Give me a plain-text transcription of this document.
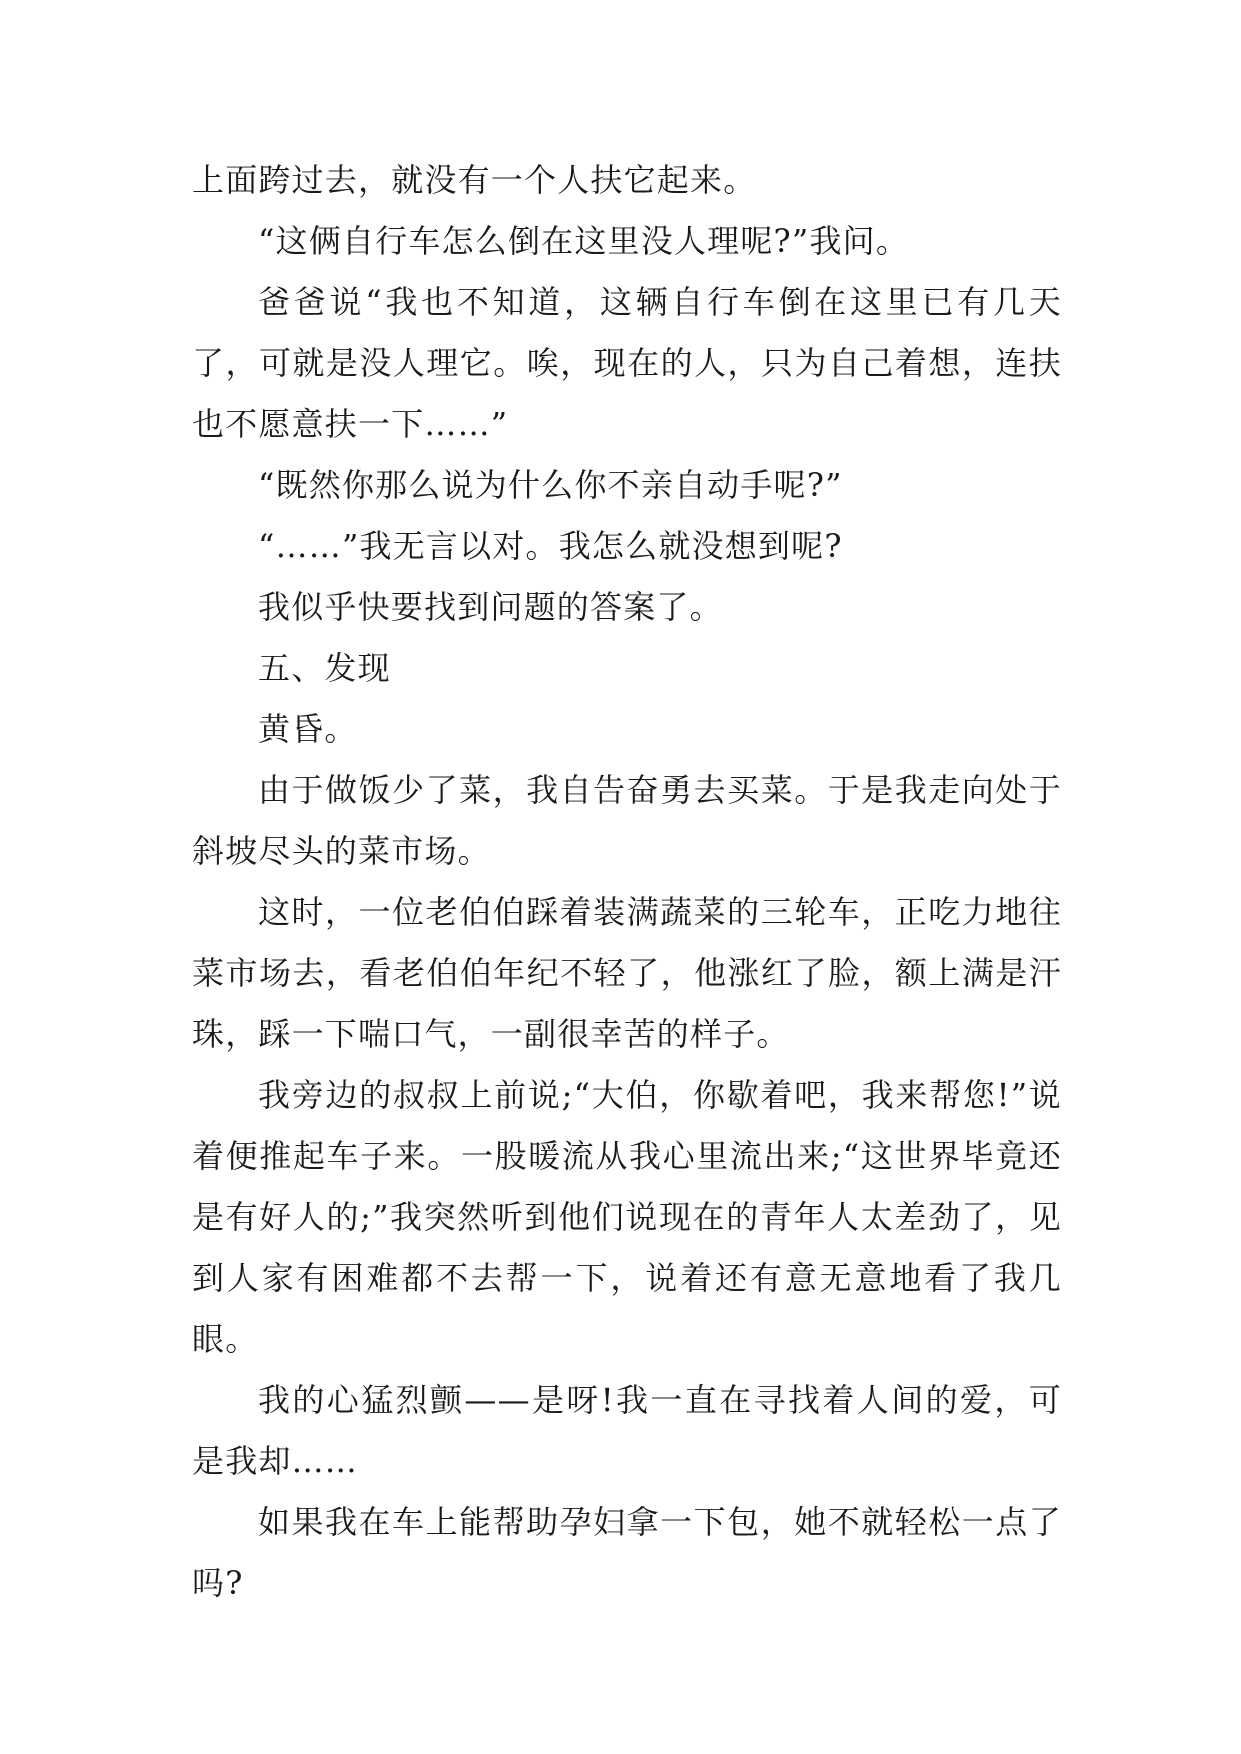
上面跨过去，就没有一个人扶它起来。

“这俩自行车怎么倒在这里没人理呢?”我问。

爸爸说“我也不知道，这辆自行车倒在这里已有几天了，可就是没人理它。唉，现在的人，只为自己着想，连扶也不愿意扶一下……”

“既然你那么说为什么你不亲自动手呢?”

“……”我无言以对。我怎么就没想到呢?

我似乎快要找到问题的答案了。

五、发现

黄昏。

由于做饭少了菜，我自告奋勇去买菜。于是我走向处于斜坡尽头的菜市场。

这时，一位老伯伯踩着装满蔬菜的三轮车，正吃力地往菜市场去，看老伯伯年纪不轻了，他涨红了脸，额上满是汗珠，踩一下喘口气，一副很幸苦的样子。

我旁边的叔叔上前说;“大伯，你歇着吧，我来帮您!”说着便推起车子来。一股暖流从我心里流出来;“这世界毕竟还是有好人的;”我突然听到他们说现在的青年人太差劲了，见到人家有困难都不去帮一下，说着还有意无意地看了我几眼。

我的心猛烈颤——是呀!我一直在寻找着人间的爱，可是我却……

如果我在车上能帮助孕妇拿一下包，她不就轻松一点了吗?
